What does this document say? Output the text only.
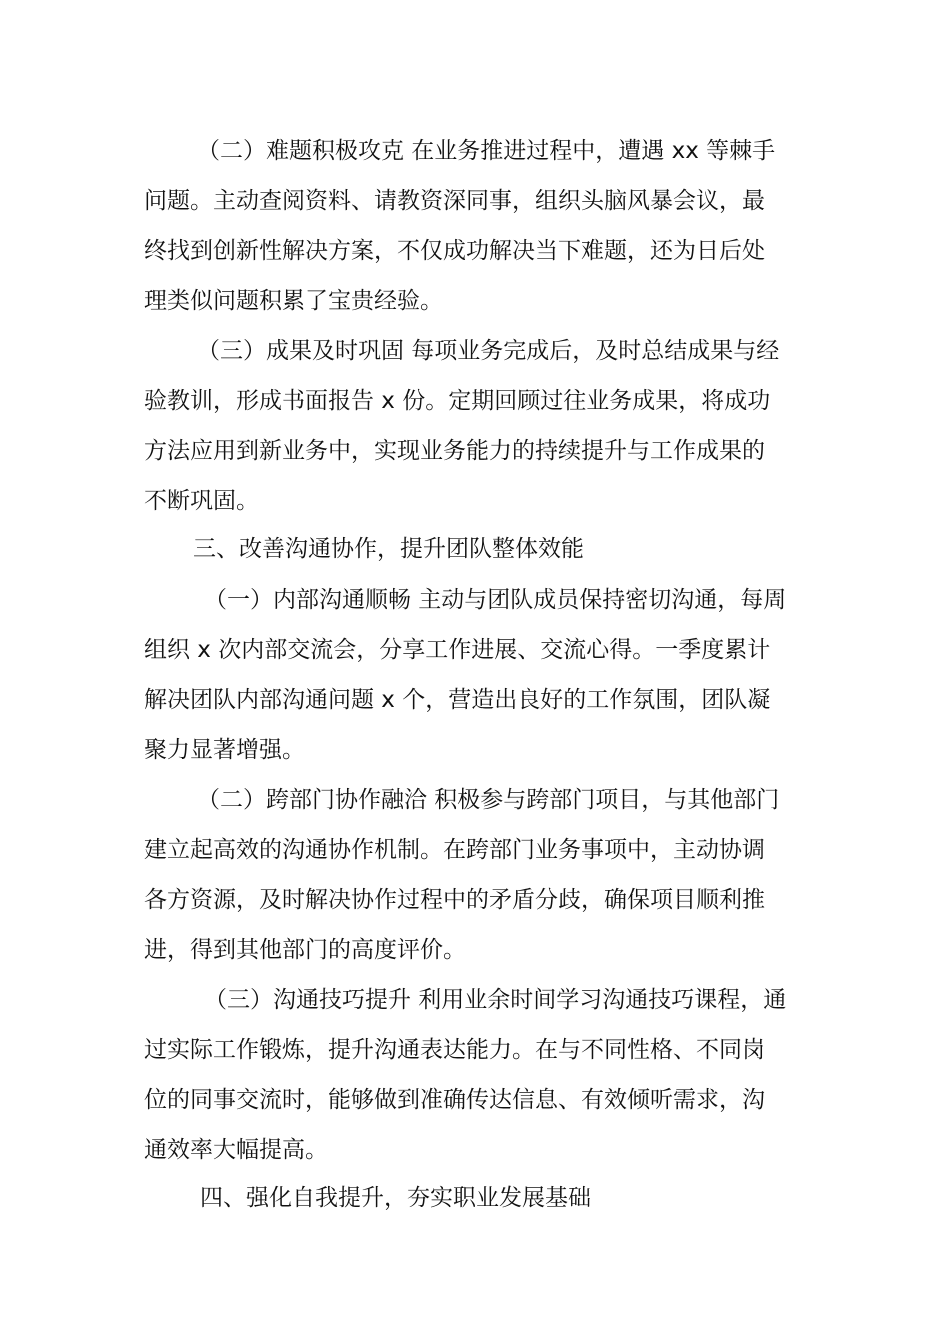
（二）难题积极攻克 在业务推进过程中，遭遇 xx 等棘手
问题。主动查阅资料、请教资深同事，组织头脑风暴会议，最
终找到创新性解决方案，不仅成功解决当下难题，还为日后处
理类似问题积累了宝贵经验。
（三）成果及时巩固 每项业务完成后，及时总结成果与经
验教训，形成书面报告 x 份。定期回顾过往业务成果，将成功
方法应用到新业务中，实现业务能力的持续提升与工作成果的
不断巩固。
三、改善沟通协作，提升团队整体效能
（一）内部沟通顺畅 主动与团队成员保持密切沟通，每周
组织 x 次内部交流会，分享工作进展、交流心得。一季度累计
解决团队内部沟通问题 x 个，营造出良好的工作氛围，团队凝
聚力显著增强。
（二）跨部门协作融洽 积极参与跨部门项目，与其他部门
建立起高效的沟通协作机制。在跨部门业务事项中，主动协调
各方资源，及时解决协作过程中的矛盾分歧，确保项目顺利推
进，得到其他部门的高度评价。
（三）沟通技巧提升 利用业余时间学习沟通技巧课程，通
过实际工作锻炼，提升沟通表达能力。在与不同性格、不同岗
位的同事交流时，能够做到准确传达信息、有效倾听需求，沟
通效率大幅提高。
四、强化自我提升，夯实职业发展基础
